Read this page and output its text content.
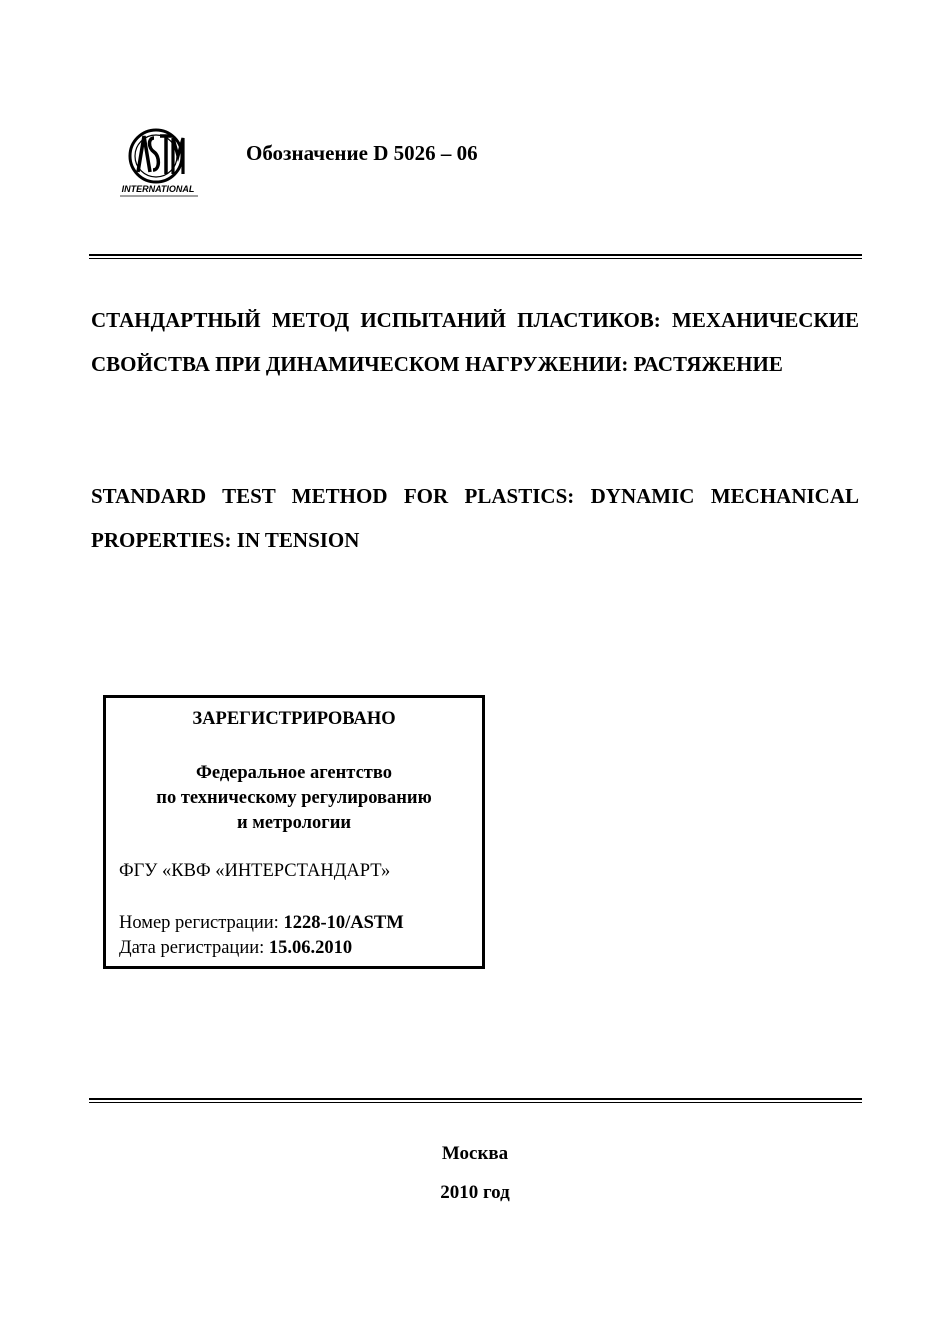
INTERNATIONAL
Обозначение D 5026 – 06
СТАНДАРТНЫЙ МЕТОД ИСПЫТАНИЙ ПЛАСТИКОВ: МЕХАНИЧЕСКИЕ СВОЙСТВА ПРИ ДИНАМИЧЕСКОМ НАГРУЖЕНИИ: РАСТЯЖЕНИЕ
STANDARD TEST METHOD FOR PLASTICS: DYNAMIC MECHANICAL PROPERTIES: IN TENSION
ЗАРЕГИСТРИРОВАНО
Федеральное агентство
по техническому регулированию
и метрологии
ФГУ «КВФ «ИНТЕРСТАНДАРТ»
Номер регистрации: 1228-10/ASTM
Дата регистрации: 15.06.2010
Москва
2010 год
